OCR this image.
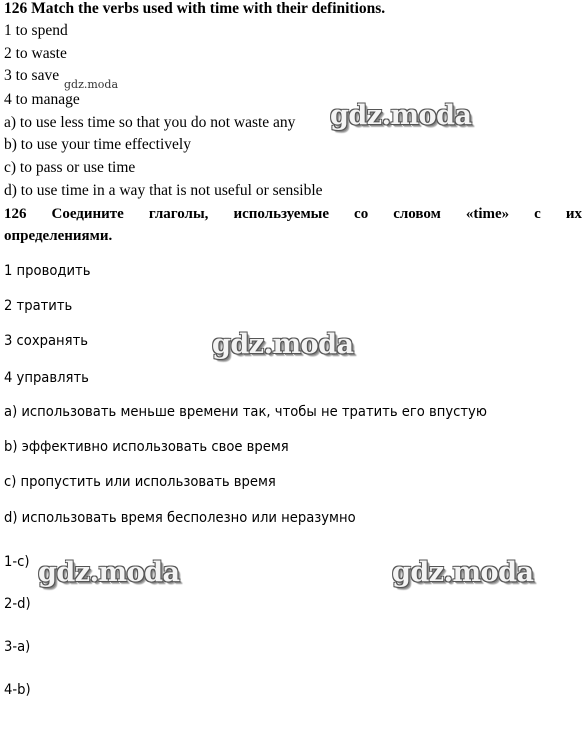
126 Match the verbs used with time with their definitions.
1 to spend
2 to waste
3 to save
4 to manage
a) to use less time so that you do not waste any
b) to use your time effectively
c) to pass or use time
d) to use time in a way that is not useful or sensible
126 Соедините глаголы, используемые со словом «time» с их
определениями.
1 проводить
2 тратить
3 сохранять
4 управлять
a) использовать меньше времени так, чтобы не тратить его впустую
b) эффективно использовать свое время
c) пропустить или использовать время
d) использовать время бесполезно или неразумно
1-c)
2-d)
3-a)
4-b)
gdz.moda
gdz.moda
gdz.moda
gdz.moda	gdz.moda
